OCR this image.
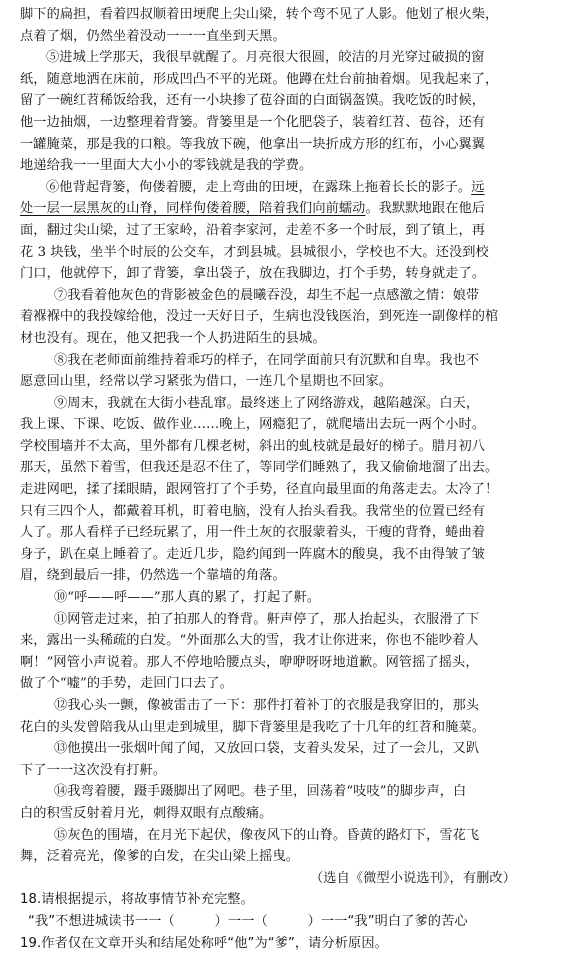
脚下的扁担，看着四叔顺着田埂爬上尖山梁，转个弯不见了人影。他划了根火柴，
点着了烟，仍然坐着没动一一一直坐到天黑。
⑤进城上学那天，我很早就醒了。月亮很大很圆，皎洁的月光穿过破损的窗
纸，随意地洒在床前，形成凹凸不平的光斑。他蹲在灶台前抽着烟。见我起来了，
留了一碗红苕稀饭给我，还有一小块掺了苞谷面的白面锅盔馍。我吃饭的时候，
他一边抽烟，一边整理着背篓。背篓里是一个化肥袋子，装着红苕、苞谷，还有
一罐腌菜，那是我的口粮。等我放下碗，他拿出一块折成方形的红布，小心翼翼
地递给我一一里面大大小小的零钱就是我的学费。
⑥他背起背篓，佝偻着腰，走上弯曲的田埂，在露珠上拖着长长的影子。远
处一层一层黑灰的山脊，同样佝偻着腰，陪着我们向前蠕动。我默默地跟在他后
面，翻过尖山梁，过了王家岭，沿着李家河，走差不多一个时辰，到了镇上，再
花 3 块钱，坐半个时辰的公交车，才到县城。县城很小，学校也不大。还没到校
门口，他就停下，卸了背篓，拿出袋子，放在我脚边，打个手势，转身就走了。
⑦我看着他灰色的背影被金色的晨曦吞没，却生不起一点感激之情：娘带
着褓褓中的我投嫁给他，没过一天好日子，生病也没钱医治，到死连一副像样的棺
材也没有。现在，他又把我一个人扔进陌生的县城。
⑧我在老师面前维持着乖巧的样子，在同学面前只有沉默和自卑。我也不
愿意回山里，经常以学习紧张为借口，一连几个星期也不回家。
⑨周末，我就在大街小巷乱窜。最终迷上了网络游戏，越陷越深。白天，
我上课、下课、吃饭、做作业……晚上，网瘾犯了，就爬墙出去玩一两个小时。
学校围墙并不太高，里外都有几棵老树，斜出的虬枝就是最好的梯子。腊月初八
那天，虽然下着雪，但我还是忍不住了，等同学们睡熟了，我又偷偷地溜了出去。
走进网吧，揉了揉眼睛，跟网管打了个手势，径直向最里面的角落走去。太冷了！
只有三四个人，都戴着耳机，盯着电脑，没有人抬头看我。我常坐的位置已经有
人了。那人看样子已经玩累了，用一件土灰的衣服蒙着头，干瘦的背脊，蜷曲着
身子，趴在桌上睡着了。走近几步，隐约闻到一阵腐木的酸臭，我不由得皱了皱
眉，绕到最后一排，仍然选一个靠墙的角落。
⑩“呼——呼——”那人真的累了，打起了鼾。
⑪网管走过来，拍了拍那人的脊背。鼾声停了，那人抬起头，衣服滑了下
来，露出一头稀疏的白发。“外面那么大的雪，我才让你进来，你也不能吵着人
啊！”网管小声说着。那人不停地哈腰点头，咿咿呀呀地道歉。网管摇了摇头，
做了个“嘘”的手势，走回门口去了。
⑫我心头一颤，像被雷击了一下：那件打着补丁的衣服是我穿旧的，那头
花白的头发曾陪我从山里走到城里，脚下背篓里是我吃了十几年的红苕和腌菜。
⑬他摸出一张烟叶闻了闻，又放回口袋，支着头发呆，过了一会儿，又趴
下了一一这次没有打鼾。
⑭我弯着腰，蹑手蹑脚出了网吧。巷子里，回荡着“吱吱”的脚步声，白
白的积雪反射着月光，刺得双眼有点酸痛。
⑮灰色的围墙，在月光下起伏，像夜风下的山脊。昏黄的路灯下，雪花飞
舞，泛着亮光，像爹的白发，在尖山梁上摇曳。
（选自《微型小说选刊》，有删改）
18.请根据提示，将故事情节补充完整。
“我”不想进城读书一一（　　　）一一（　　　）一一“我”明白了爹的苦心
19.作者仅在文章开头和结尾处称呼“他”为“爹”，请分析原因。
